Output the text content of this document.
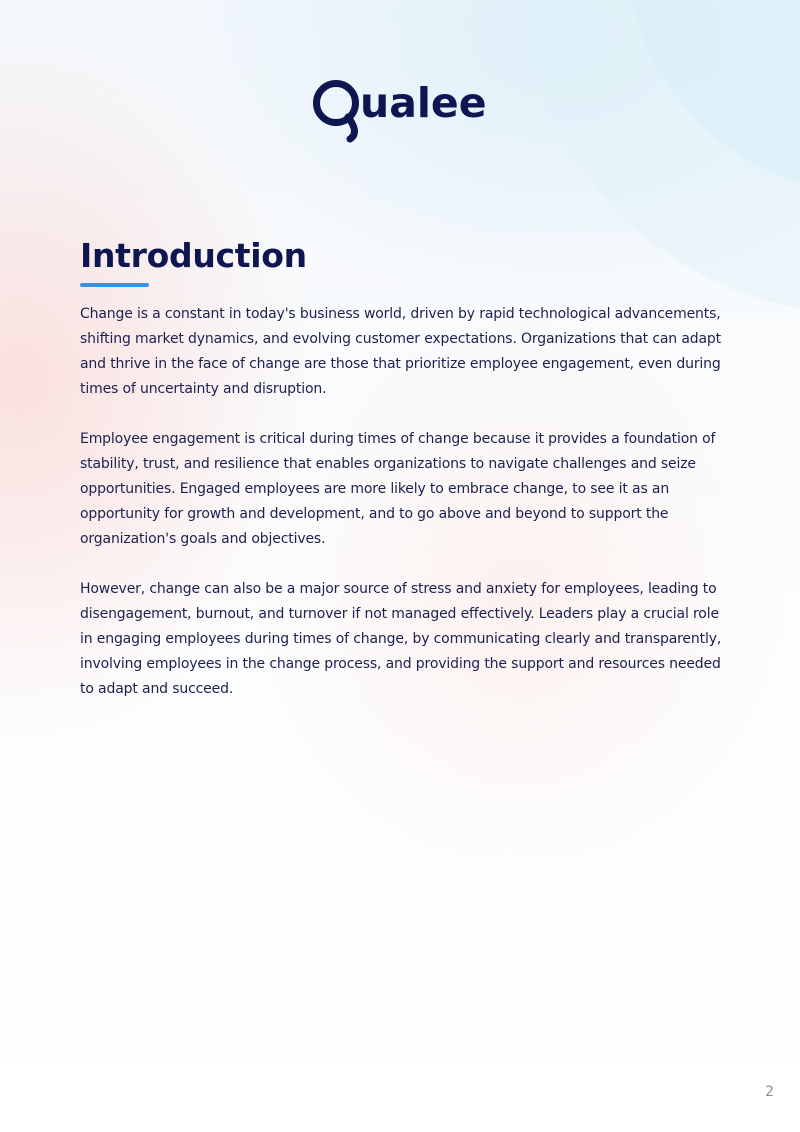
ualee
Introduction

Change is a constant in today's business world, driven by rapid technological advancements, shifting market dynamics, and evolving customer expectations. Organizations that can adapt and thrive in the face of change are those that prioritize employee engagement, even during times of uncertainty and disruption.

Employee engagement is critical during times of change because it provides a foundation of stability, trust, and resilience that enables organizations to navigate challenges and seize opportunities. Engaged employees are more likely to embrace change, to see it as an opportunity for growth and development, and to go above and beyond to support the organization's goals and objectives.

However, change can also be a major source of stress and anxiety for employees, leading to disengagement, burnout, and turnover if not managed effectively. Leaders play a crucial role in engaging employees during times of change, by communicating clearly and transparently, involving employees in the change process, and providing the support and resources needed to adapt and succeed.

2
